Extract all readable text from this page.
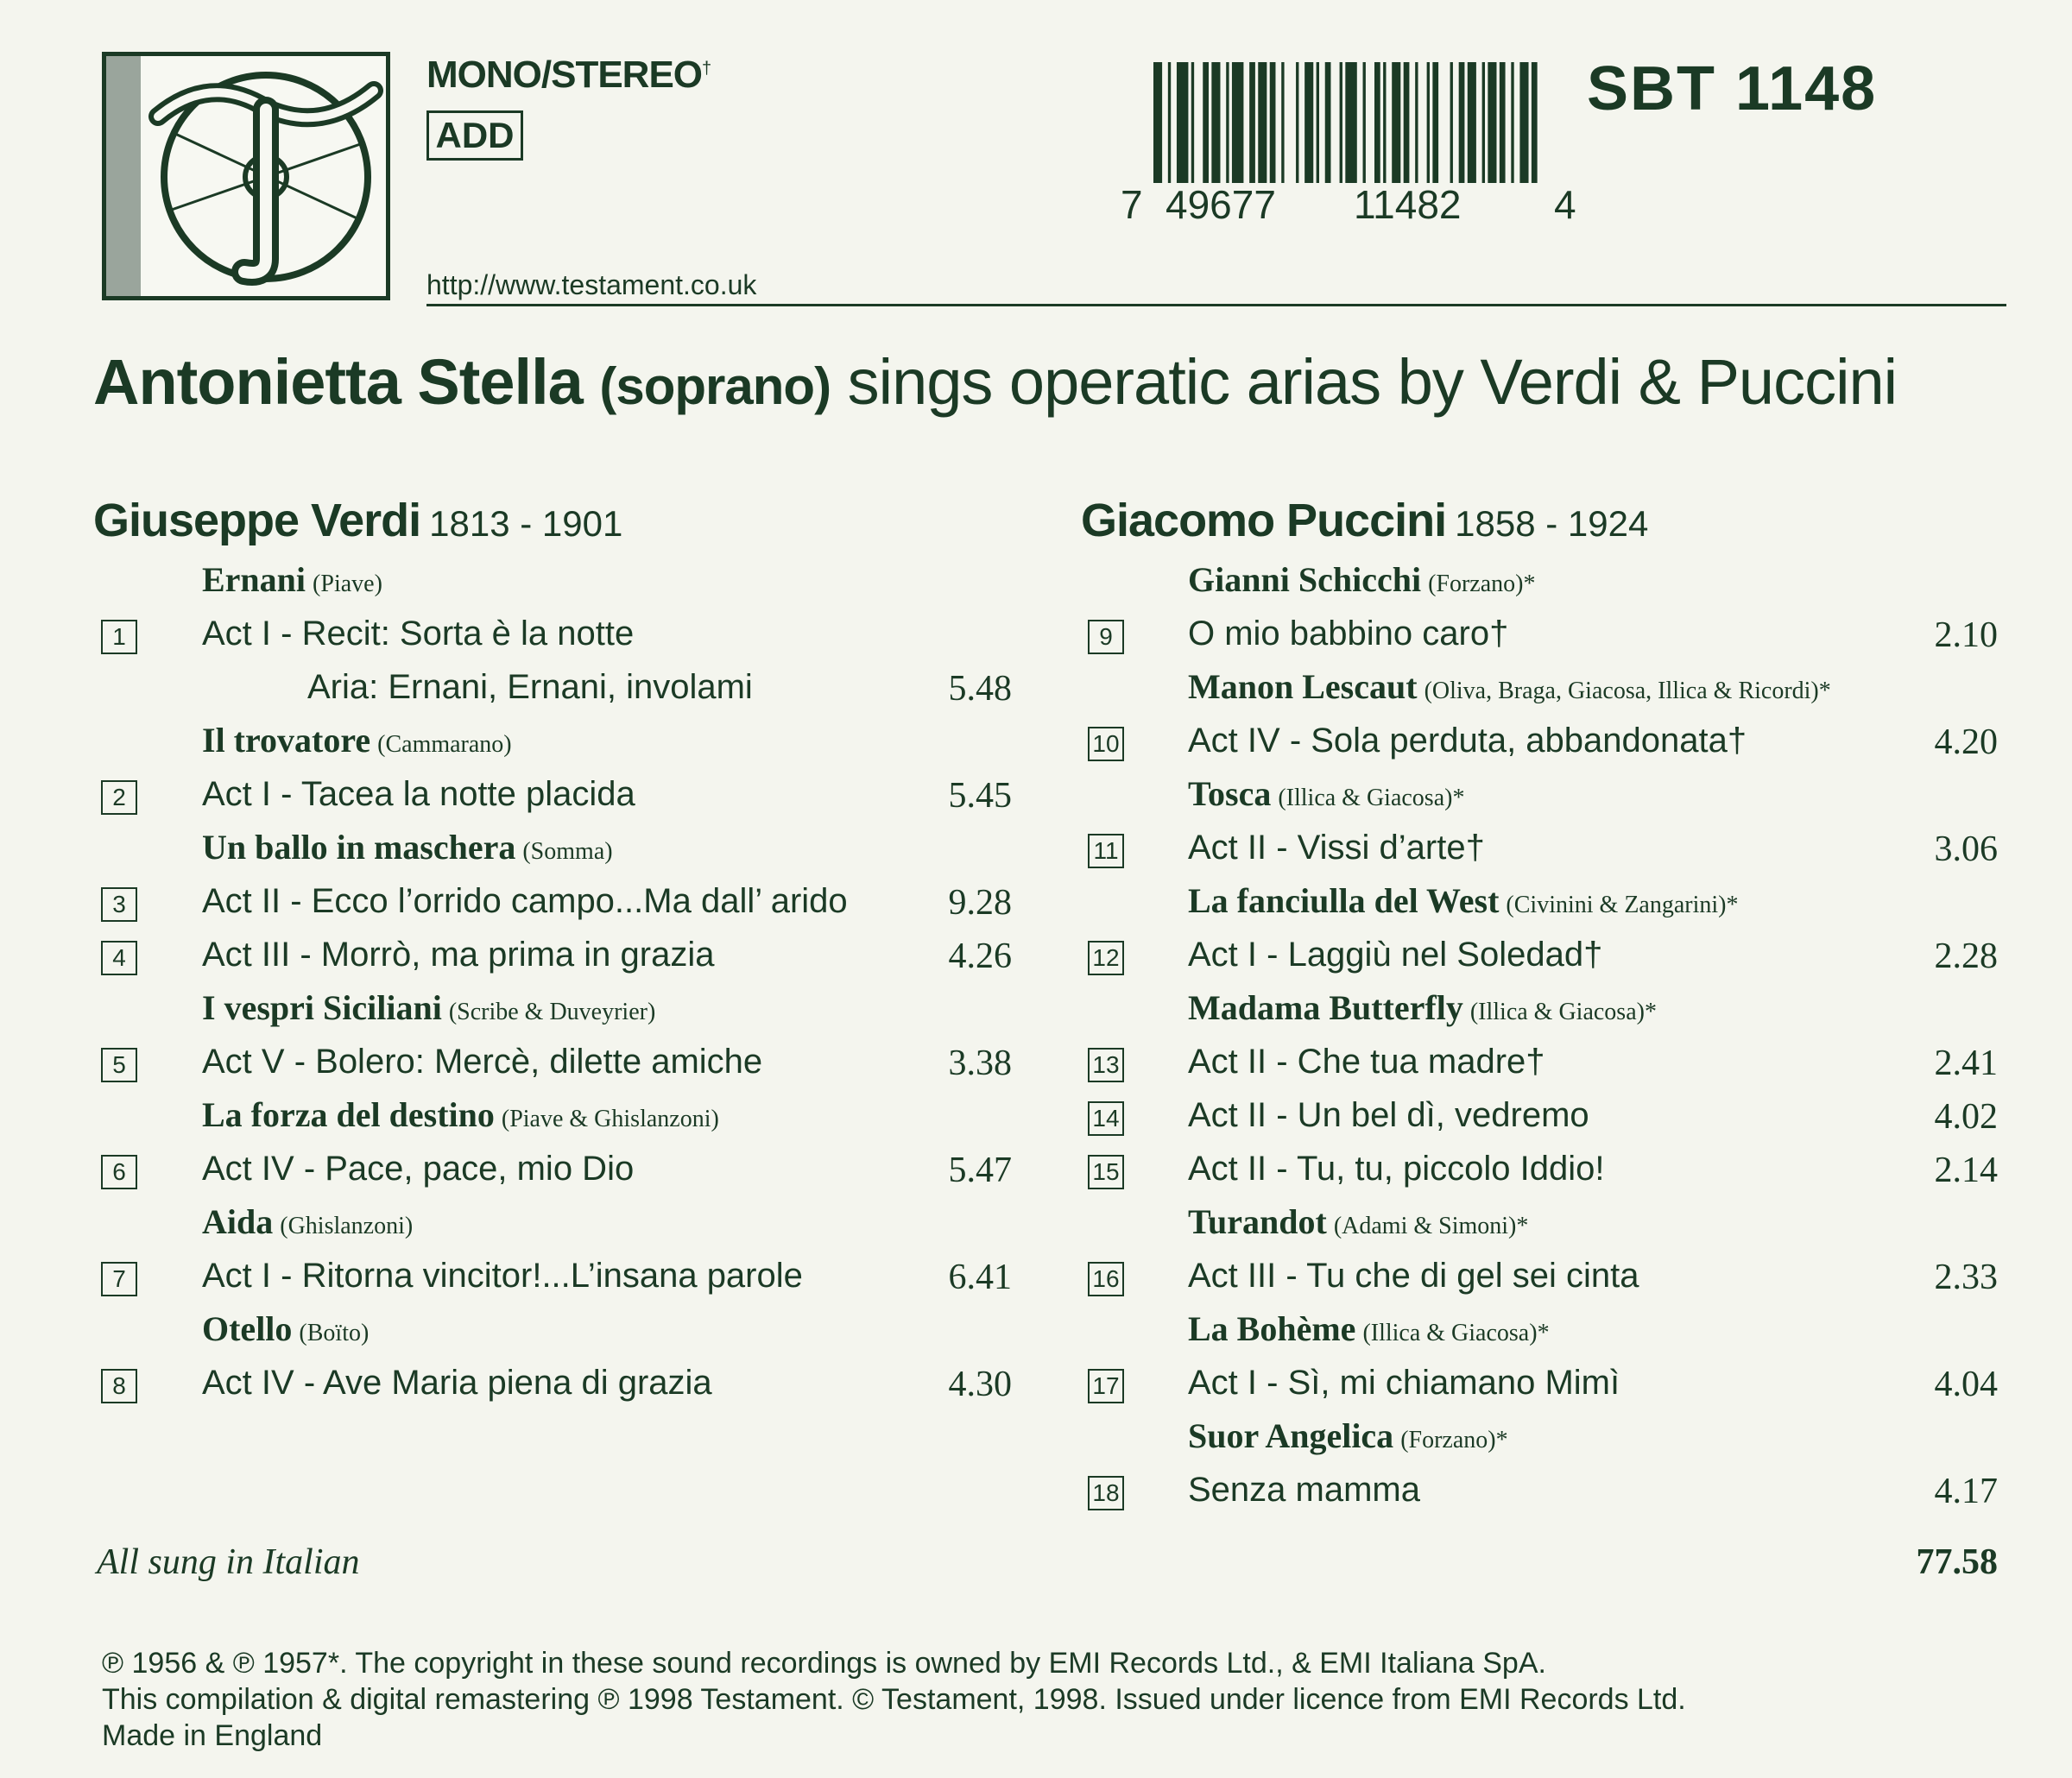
MONO/STEREO†
ADD
http://www.testament.co.uk
7 49677 11482 4
SBT 1148
Antonietta Stella (soprano) sings operatic arias by Verdi & Puccini
Giuseppe Verdi 1813 - 1901	Giacomo Puccini 1858 - 1924
Ernani (Piave)
1	Act I - Recit: Sorta è la notte
Aria: Ernani, Ernani, involami	5.48
Il trovatore (Cammarano)
2	Act I - Tacea la notte placida	5.45
Un ballo in maschera (Somma)
3	Act II - Ecco l’orrido campo...Ma dall’ arido	9.28
4	Act III - Morrò, ma prima in grazia	4.26
I vespri Siciliani (Scribe & Duveyrier)
5	Act V - Bolero: Mercè, dilette amiche	3.38
La forza del destino (Piave & Ghislanzoni)
6	Act IV - Pace, pace, mio Dio	5.47
Aida (Ghislanzoni)
7	Act I - Ritorna vincitor!...L’insana parole	6.41
Otello (Boïto)
8	Act IV - Ave Maria piena di grazia	4.30
Gianni Schicchi (Forzano)*
9	O mio babbino caro†	2.10
Manon Lescaut (Oliva, Braga, Giacosa, Illica & Ricordi)*
10 Act IV - Sola perduta, abbandonata†	4.20
Tosca (Illica & Giacosa)*
11 Act II - Vissi d’arte†	3.06
La fanciulla del West (Civinini & Zangarini)*
12 Act I - Laggiù nel Soledad†	2.28
Madama Butterfly (Illica & Giacosa)*
13 Act II - Che tua madre†	2.41
14 Act II - Un bel dì, vedremo	4.02
15 Act II - Tu, tu, piccolo Iddio!	2.14
Turandot (Adami & Simoni)*
16 Act III - Tu che di gel sei cinta	2.33
La Bohème (Illica & Giacosa)*
17 Act I - Sì, mi chiamano Mimì	4.04
Suor Angelica (Forzano)*
18 Senza mamma	4.17
All sung in Italian	77.58
℗ 1956 & ℗ 1957*. The copyright in these sound recordings is owned by EMI Records Ltd., & EMI Italiana SpA.
This compilation & digital remastering ℗ 1998 Testament. © Testament, 1998. Issued under licence from EMI Records Ltd.
Made in England
